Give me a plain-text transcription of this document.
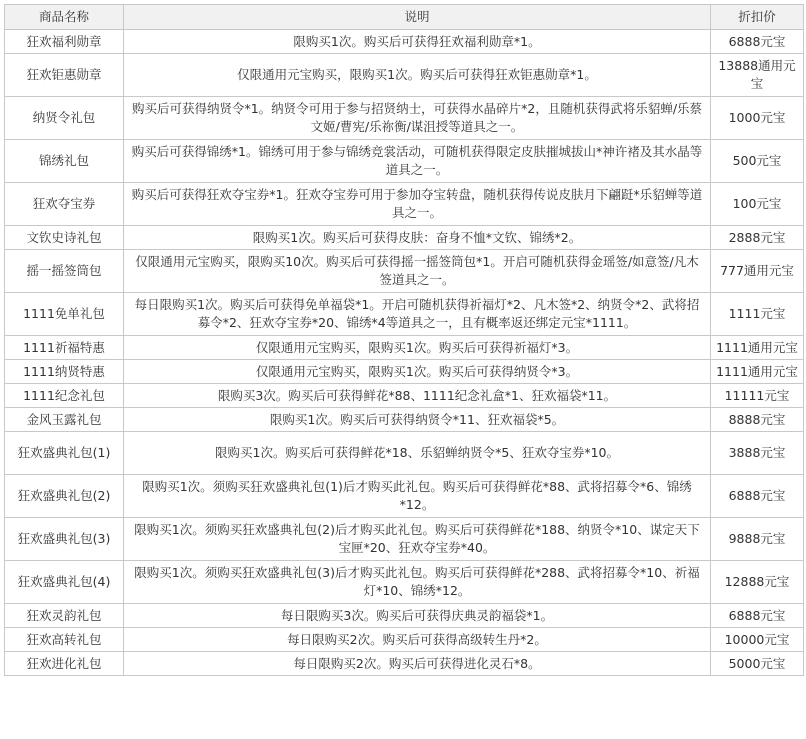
商品名称	说明	折扣价
狂欢福利勋章	限购买1次。购买后可获得狂欢福利勋章*1。	6888元宝
狂欢钜惠勋章	仅限通用元宝购买，限购买1次。购买后可获得狂欢钜惠勋章*1。	13888通用元宝
纳贤令礼包	购买后可获得纳贤令*1。纳贤令可用于参与招贤纳士，可获得水晶碎片*2，且随机获得武将乐貂蝉/乐蔡文姬/曹宪/乐祢衡/谋沮授等道具之一。	1000元宝
锦绣礼包	购买后可获得锦绣*1。锦绣可用于参与锦绣竞裳活动，可随机获得限定皮肤摧城拔山*神许褚及其水晶等道具之一。	500元宝
狂欢夺宝券	购买后可获得狂欢夺宝券*1。狂欢夺宝券可用于参加夺宝转盘，随机获得传说皮肤月下翩跹*乐貂蝉等道具之一。	100元宝
文钦史诗礼包	限购买1次。购买后可获得皮肤：奋身不恤*文钦、锦绣*2。	2888元宝
摇一摇签筒包	仅限通用元宝购买，限购买10次。购买后可获得摇一摇签筒包*1。开启可随机获得金瑶签/如意签/凡木签道具之一。	777通用元宝
1111免单礼包	每日限购买1次。购买后可获得免单福袋*1。开启可随机获得祈福灯*2、凡木签*2、纳贤令*2、武将招募令*2、狂欢夺宝券*20、锦绣*4等道具之一，且有概率返还绑定元宝*1111。	1111元宝
1111祈福特惠	仅限通用元宝购买，限购买1次。购买后可获得祈福灯*3。	1111通用元宝
1111纳贤特惠	仅限通用元宝购买，限购买1次。购买后可获得纳贤令*3。	1111通用元宝
1111纪念礼包	限购买3次。购买后可获得鲜花*88、1111纪念礼盒*1、狂欢福袋*11。	11111元宝
金风玉露礼包	限购买1次。购买后可获得纳贤令*11、狂欢福袋*5。	8888元宝
狂欢盛典礼包(1)	限购买1次。购买后可获得鲜花*18、乐貂蝉纳贤令*5、狂欢夺宝券*10。	3888元宝
狂欢盛典礼包(2)	限购买1次。须购买狂欢盛典礼包(1)后才购买此礼包。购买后可获得鲜花*88、武将招募令*6、锦绣*12。	6888元宝
狂欢盛典礼包(3)	限购买1次。须购买狂欢盛典礼包(2)后才购买此礼包。购买后可获得鲜花*188、纳贤令*10、谋定天下宝匣*20、狂欢夺宝券*40。	9888元宝
狂欢盛典礼包(4)	限购买1次。须购买狂欢盛典礼包(3)后才购买此礼包。购买后可获得鲜花*288、武将招募令*10、祈福灯*10、锦绣*12。	12888元宝
狂欢灵韵礼包	每日限购买3次。购买后可获得庆典灵韵福袋*1。	6888元宝
狂欢高转礼包	每日限购买2次。购买后可获得高级转生丹*2。	10000元宝
狂欢进化礼包	每日限购买2次。购买后可获得进化灵石*8。	5000元宝
